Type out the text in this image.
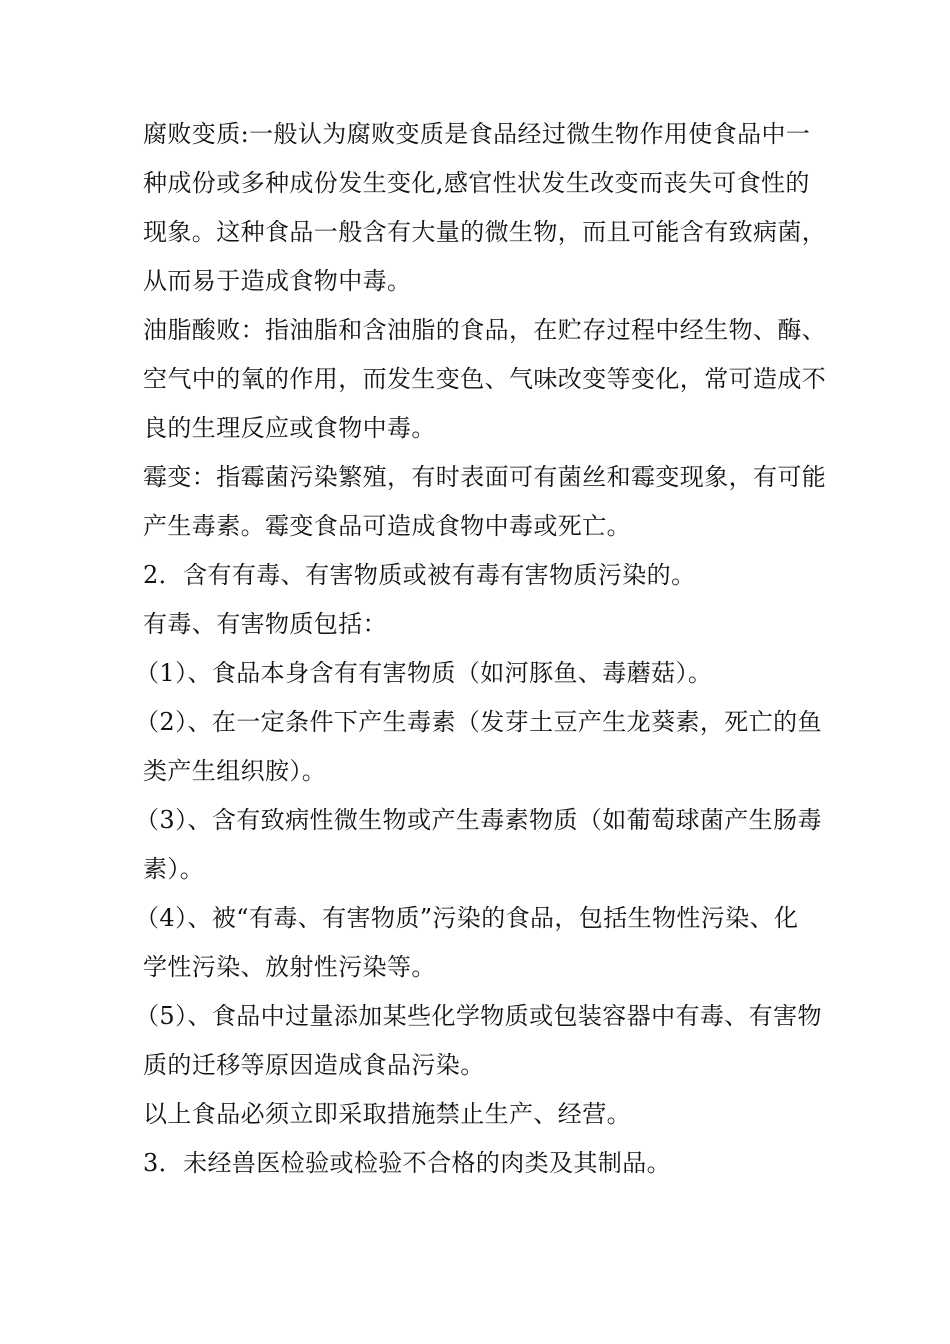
腐败变质:一般认为腐败变质是食品经过微生物作用使食品中一
种成份或多种成份发生变化,感官性状发生改变而丧失可食性的
现象。这种食品一般含有大量的微生物，而且可能含有致病菌，
从而易于造成食物中毒。
油脂酸败：指油脂和含油脂的食品，在贮存过程中经生物、酶、
空气中的氧的作用，而发生变色、气味改变等变化，常可造成不
良的生理反应或食物中毒。
霉变：指霉菌污染繁殖，有时表面可有菌丝和霉变现象，有可能
产生毒素。霉变食品可造成食物中毒或死亡。
2．含有有毒、有害物质或被有毒有害物质污染的。
有毒、有害物质包括：
（1）、食品本身含有有害物质（如河豚鱼、毒蘑菇）。
（2）、在一定条件下产生毒素（发芽土豆产生龙葵素，死亡的鱼
类产生组织胺）。
（3）、含有致病性微生物或产生毒素物质（如葡萄球菌产生肠毒
素）。
（4）、被“有毒、有害物质”污染的食品，包括生物性污染、化
学性污染、放射性污染等。
（5）、食品中过量添加某些化学物质或包装容器中有毒、有害物
质的迁移等原因造成食品污染。
以上食品必须立即采取措施禁止生产、经营。
3．未经兽医检验或检验不合格的肉类及其制品。
